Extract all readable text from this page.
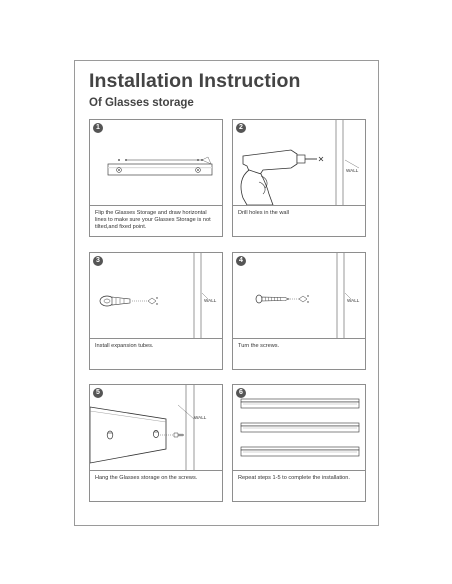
Installation Instruction
Of Glasses storage
1
Flip the Glasses Storage and draw horizontal lines to make sure your Glasses Storage is not tilted,and fixed point.
2
WALL
Drill holes in the wall
3
WALL
Install expansion tubes.
4
WALL
Turn the screws.
5
WALL
Hang the Glasses storage on the screws.
6
Repeat steps 1-5 to complete the installation.
